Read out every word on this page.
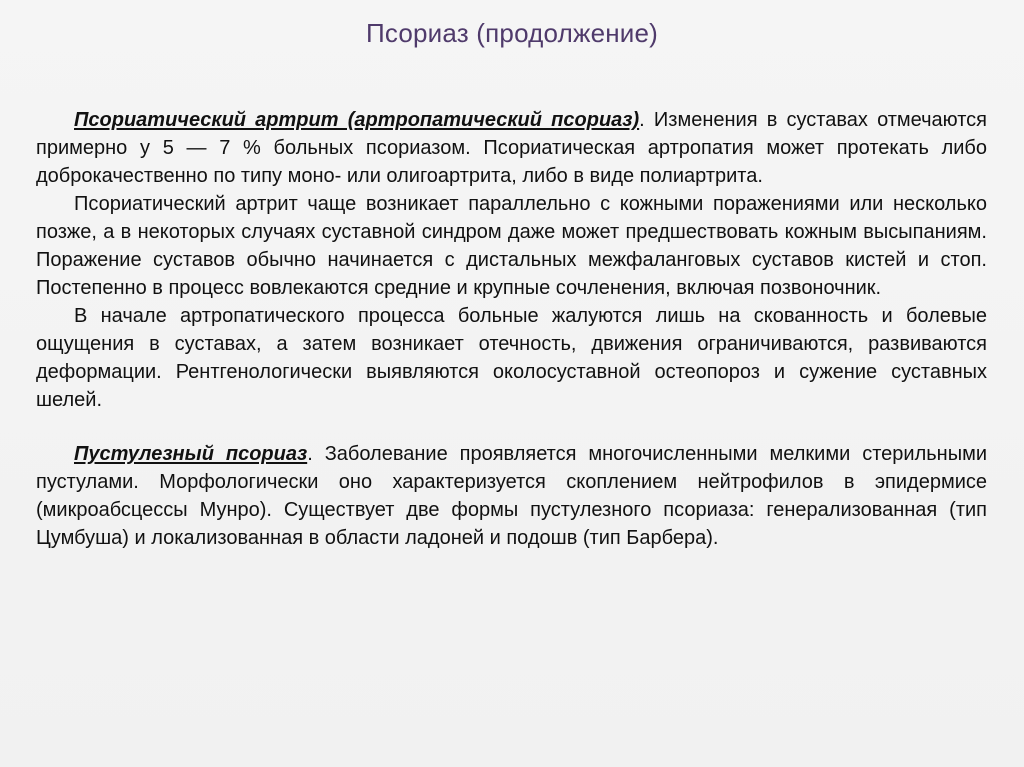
Псориаз (продолжение)

Псориатический артрит (артропатический псориаз). Изменения в суставах отмечаются примерно у 5 — 7 % больных псориазом. Псориатическая артропатия может протекать либо доброкачественно по типу моно- или олигоартрита, либо в виде полиартрита.

Псориатический артрит чаще возникает параллельно с кожными поражениями или несколько позже, а в некоторых случаях суставной синдром даже может предшествовать кожным высыпаниям. Поражение суставов обычно начинается с дистальных межфаланговых суставов кистей и стоп. Постепенно в процесс вовлекаются средние и крупные сочленения, включая позвоночник.

В начале артропатического процесса больные жалуются лишь на скованность и болевые ощущения в суставах, а затем возникает отечность, движения ограничиваются, развиваются деформации. Рентгенологически выявляются околосуставной остеопороз и сужение суставных шелей.

Пустулезный псориаз. Заболевание проявляется многочисленными мелкими стерильными пустулами. Морфологически оно характеризуется скоплением нейтрофилов в эпидермисе (микроабсцессы Мунро). Существует две формы пустулезного псориаза: генерализованная (тип Цумбуша) и локализованная в области ладоней и подошв (тип Барбера).
